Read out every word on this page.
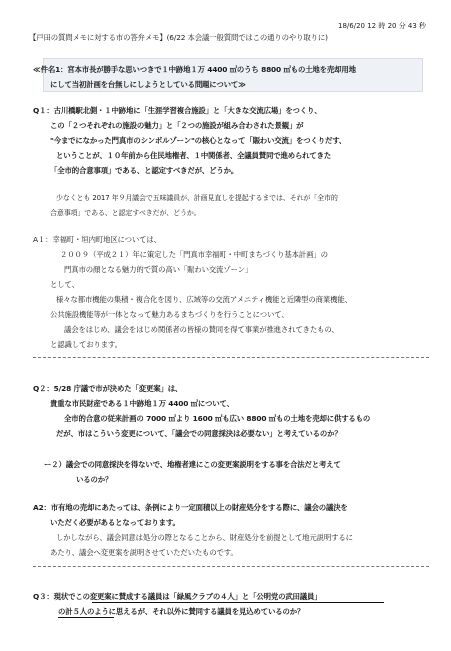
18/6/20 12 時 20 分 43 秒
【戸田の質問メモに対する市の答弁メモ】(6/22 本会議一般質問ではこの通りのやり取りに)
≪件名1：宮本市長が勝手な思いつきで１中跡地１万 4400 ㎡のうち 8800 ㎡もの土地を売却用地
にして当初計画を台無しにしようとしている問題について≫
Q１：古川橋駅北側・１中跡地に「生涯学習複合施設」と「大きな交流広場」をつくり、
この「２つそれぞれの施設の魅力」と「２つの施設が組み合わされた景観」が
"今までになかった門真市のシンボルゾーン"の核心となって「賑わい交流」をつくりだす、
ということが、１０年前から住民地権者、１中関係者、全議員賛同で進められてきた
「全市的合意事項」である、と認定すべきだが、どうか。
少なくとも 2017 年９月議会で五味議員が、計画見直しを提起するまでは、それが「全市的
合意事項」である、と認定すべきだが、どうか。
A１：幸福町・垣内町地区については、
２００９（平成２１）年に策定した「門真市幸福町・中町まちづくり基本計画」の
門真市の顔となる魅力的で質の高い「賑わい交流ゾーン」
として、
様々な都市機能の集積・複合化を図り、広域等の交流アメニティ機能と近隣型の商業機能、
公共施設機能等が一体となって魅力あるまちづくりを行うことについて、
議会をはじめ、議会をはじめ関係者の皆様の賛同を得て事業が推進されてきたもの、
と認識しております。
Q２：5/28 庁議で市が決めた「変更案」は、
貴重な市民財産である１中跡地１万 4400 ㎡について、
全市的合意の従来計画の 7000 ㎡より 1600 ㎡も広い 8800 ㎡もの土地を売却に供するもの
だが、市はこういう変更について、「議会での同意採決は必要ない」と考えているのか？
ー２）議会での同意採決を得ないで、地権者達にこの変更案説明をする事を合法だと考えて
いるのか？
A2：市有地の売却にあたっては、条例により一定面積以上の財産処分をする際に、議会の議決を
いただく必要があるとなっております。
しかしながら、議会同意は処分の際となることから、財産処分を前提として地元説明するに
あたり、議会へ変更案を説明させていただいたものです。
Q３：現状でこの変更案に賛成する議員は「緑風クラブの４人」と「公明党の武田議員」
の計５人のように思えるが、それ以外に賛同する議員を見込めているのか？
